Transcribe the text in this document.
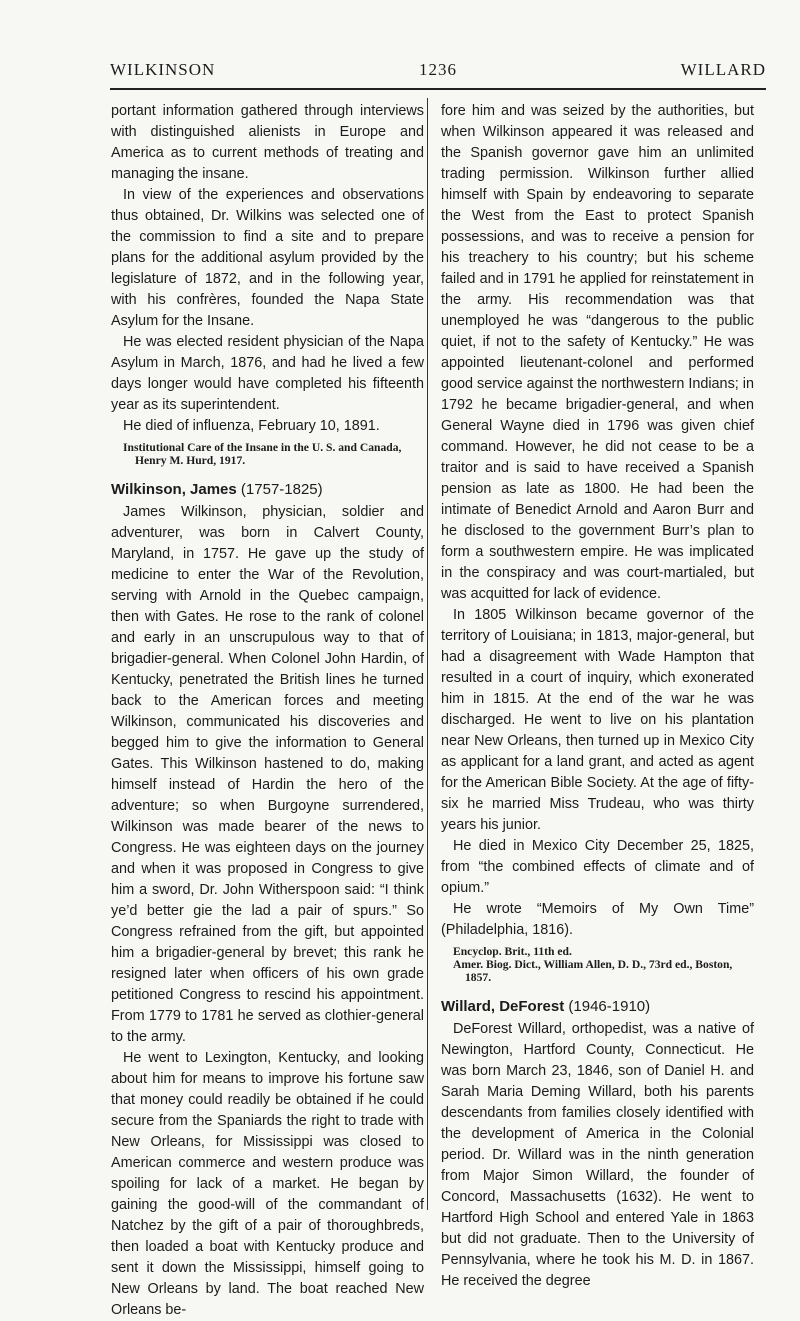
WILKINSON	1236	WILLARD

portant information gathered through interviews with distinguished alienists in Europe and America as to current methods of treating and managing the insane.

In view of the experiences and observations thus obtained, Dr. Wilkins was selected one of the commission to find a site and to prepare plans for the additional asylum provided by the legislature of 1872, and in the following year, with his confrères, founded the Napa State Asylum for the Insane.

He was elected resident physician of the Napa Asylum in March, 1876, and had he lived a few days longer would have completed his fifteenth year as its superintendent.

He died of influenza, February 10, 1891.

Institutional Care of the Insane in the U. S. and Canada, Henry M. Hurd, 1917.
Wilkinson, James (1757-1825)

James Wilkinson, physician, soldier and adventurer, was born in Calvert County, Maryland, in 1757. He gave up the study of medicine to enter the War of the Revolution, serving with Arnold in the Quebec campaign, then with Gates. He rose to the rank of colonel and early in an unscrupulous way to that of brigadier-general. When Colonel John Hardin, of Kentucky, penetrated the British lines he turned back to the American forces and meeting Wilkinson, communicated his discoveries and begged him to give the information to General Gates. This Wilkinson hastened to do, making himself instead of Hardin the hero of the adventure; so when Burgoyne surrendered, Wilkinson was made bearer of the news to Congress. He was eighteen days on the journey and when it was proposed in Congress to give him a sword, Dr. John Witherspoon said: “I think ye’d better gie the lad a pair of spurs.” So Congress refrained from the gift, but appointed him a brigadier-general by brevet; this rank he resigned later when officers of his own grade petitioned Congress to rescind his appointment. From 1779 to 1781 he served as clothier-general to the army.

He went to Lexington, Kentucky, and looking about him for means to improve his fortune saw that money could readily be obtained if he could secure from the Spaniards the right to trade with New Orleans, for Mississippi was closed to American commerce and western produce was spoiling for lack of a market. He began by gaining the good-will of the commandant of Natchez by the gift of a pair of thoroughbreds, then loaded a boat with Kentucky produce and sent it down the Mississippi, himself going to New Orleans by land. The boat reached New Orleans be-

fore him and was seized by the authorities, but when Wilkinson appeared it was released and the Spanish governor gave him an unlimited trading permission. Wilkinson further allied himself with Spain by endeavoring to separate the West from the East to protect Spanish possessions, and was to receive a pension for his treachery to his country; but his scheme failed and in 1791 he applied for reinstatement in the army. His recommendation was that unemployed he was “dangerous to the public quiet, if not to the safety of Kentucky.” He was appointed lieutenant-colonel and performed good service against the northwestern Indians; in 1792 he became brigadier-general, and when General Wayne died in 1796 was given chief command. However, he did not cease to be a traitor and is said to have received a Spanish pension as late as 1800. He had been the intimate of Benedict Arnold and Aaron Burr and he disclosed to the government Burr’s plan to form a southwestern empire. He was implicated in the conspiracy and was court-martialed, but was acquitted for lack of evidence.

In 1805 Wilkinson became governor of the territory of Louisiana; in 1813, major-general, but had a disagreement with Wade Hampton that resulted in a court of inquiry, which exonerated him in 1815. At the end of the war he was discharged. He went to live on his plantation near New Orleans, then turned up in Mexico City as applicant for a land grant, and acted as agent for the American Bible Society. At the age of fifty-six he married Miss Trudeau, who was thirty years his junior.

He died in Mexico City December 25, 1825, from “the combined effects of climate and of opium.”

He wrote “Memoirs of My Own Time” (Philadelphia, 1816).

Encyclop. Brit., 11th ed.
Amer. Biog. Dict., William Allen, D. D., 73rd ed., Boston, 1857.
Willard, DeForest (1946-1910)

DeForest Willard, orthopedist, was a native of Newington, Hartford County, Connecticut. He was born March 23, 1846, son of Daniel H. and Sarah Maria Deming Willard, both his parents descendants from families closely identified with the development of America in the Colonial period. Dr. Willard was in the ninth generation from Major Simon Willard, the founder of Concord, Massachusetts (1632). He went to Hartford High School and entered Yale in 1863 but did not graduate. Then to the University of Pennsylvania, where he took his M. D. in 1867. He received the degree
